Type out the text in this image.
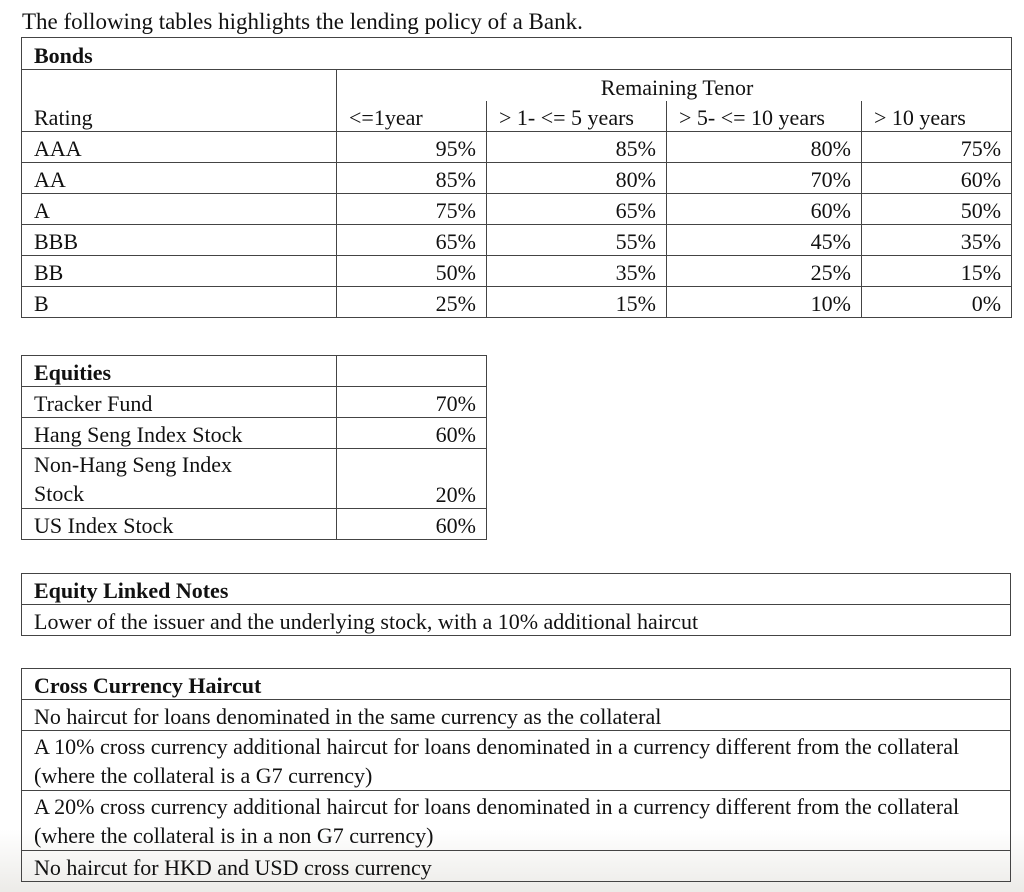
The following tables highlights the lending policy of a Bank.
Bonds				
	Remaining Tenor			
Rating	<=1year	> 1- <= 5 years	> 5- <= 10 years	> 10 years
AAA	95%	85%	80%	75%
AA	85%	80%	70%	60%
A	75%	65%	60%	50%
BBB	65%	55%	45%	35%
BB	50%	35%	25%	15%
B	25%	15%	10%	0%
Equities	
Tracker Fund	70%
Hang Seng Index Stock	60%
Non-Hang Seng Index Stock	20%
US Index Stock	60%
Equity Linked Notes
Lower of the issuer and the underlying stock, with a 10% additional haircut
Cross Currency Haircut
No haircut for loans denominated in the same currency as the collateral
A 10% cross currency additional haircut for loans denominated in a currency different from the collateral (where the collateral is a G7 currency)
A 20% cross currency additional haircut for loans denominated in a currency different from the collateral (where the collateral is in a non G7 currency)
No haircut for HKD and USD cross currency
